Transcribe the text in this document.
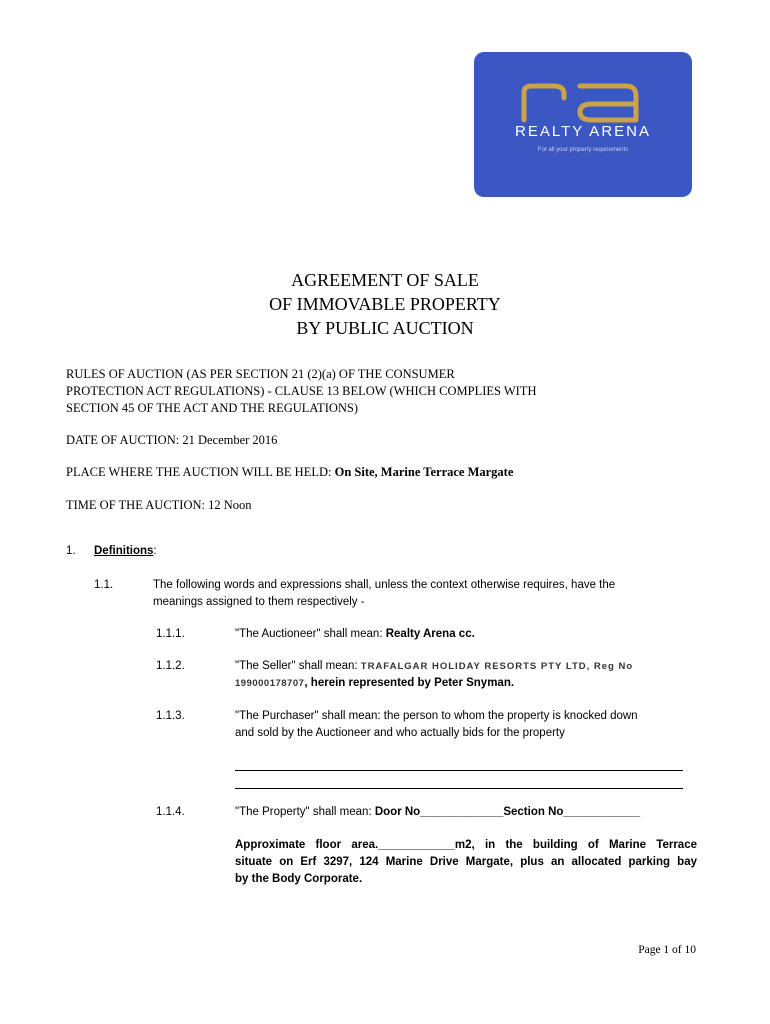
REALTY ARENA
For all your property requirements
AGREEMENT OF SALE
OF IMMOVABLE PROPERTY
BY PUBLIC AUCTION
RULES OF AUCTION (AS PER SECTION 21 (2)(a) OF THE CONSUMER
PROTECTION ACT REGULATIONS) - CLAUSE 13 BELOW (WHICH COMPLIES WITH
SECTION 45 OF THE ACT AND THE REGULATIONS)
DATE OF AUCTION: 21 December 2016
PLACE WHERE THE AUCTION WILL BE HELD: On Site, Marine Terrace Margate
TIME OF THE AUCTION: 12 Noon
1. Definitions:
1.1.	The following words and expressions shall, unless the context otherwise requires, have the
meanings assigned to them respectively -
1.1.1.	"The Auctioneer" shall mean: Realty Arena cc.
1.1.2.	"The Seller" shall mean: TRAFALGAR HOLIDAY RESORTS PTY LTD, Reg No
199000178707, herein represented by Peter Snyman.
1.1.3.	"The Purchaser" shall mean: the person to whom the property is knocked down
and sold by the Auctioneer and who actually bids for the property
1.1.4.	"The Property" shall mean: Door No_____________Section No____________
Approximate floor area.____________m2, in the building of Marine Terrace
situate on Erf 3297, 124 Marine Drive Margate, plus an allocated parking bay
by the Body Corporate.
Page 1 of 10
